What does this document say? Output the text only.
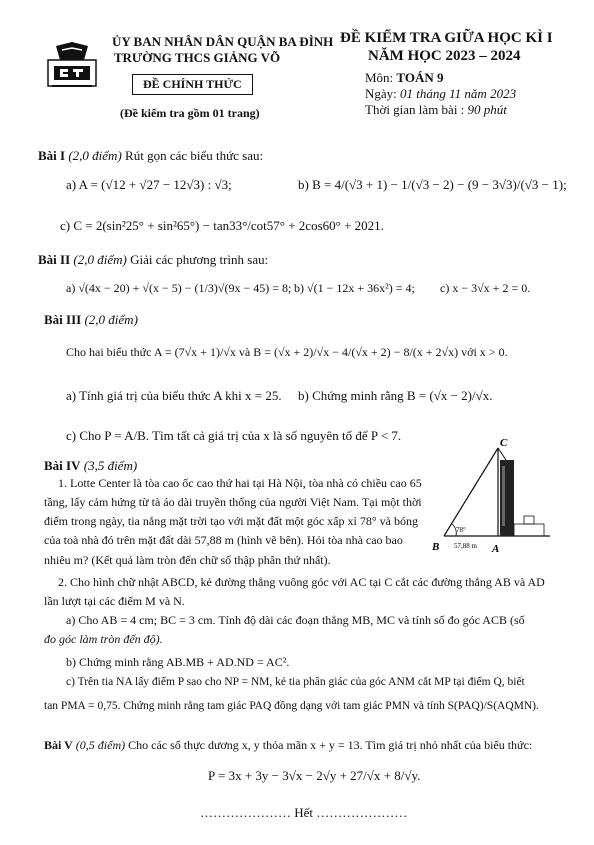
ỦY BAN NHÂN DÂN QUẬN BA ĐÌNH
TRƯỜNG THCS GIẢNG VÕ
ĐỀ CHÍNH THỨC
(Đề kiểm tra gồm 01 trang)
ĐỀ KIỂM TRA GIỮA HỌC KÌ I
NĂM HỌC 2023 – 2024
Môn: TOÁN 9
Ngày: 01 tháng 11 năm 2023
Thời gian làm bài : 90 phút
Bài I (2,0 điểm) Rút gọn các biểu thức sau:
a) A = (√12 + √27 − 12√3) : √3;	b) B = 4/(√3 + 1) − 1/(√3 − 2) − (9 − 3√3)/(√3 − 1);
c) C = 2(sin²25° + sin²65°) − tan33°/cot57° + 2cos60° + 2021.
Bài II (2,0 điểm) Giải các phương trình sau:
a) √(4x − 20) + √(x − 5) − (1/3)√(9x − 45) = 8; b) √(1 − 12x + 36x²) = 4; c) x − 3√x + 2 = 0.
Bài III (2,0 điểm)
Cho hai biểu thức A = (7√x + 1)/√x và B = (√x + 2)/√x − 4/(√x + 2) − 8/(x + 2√x) với x > 0.
a) Tính giá trị của biểu thức A khi x = 25. b) Chứng minh rằng B = (√x − 2)/√x.
c) Cho P = A/B. Tìm tất cả giá trị của x là số nguyên tố để P < 7.
Bài IV (3,5 điểm)
1. Lotte Center là tòa cao ốc cao thứ hai tại Hà Nội, tòa nhà có chiều cao 65
tầng, lấy cảm hứng từ tà áo dài truyền thống của người Việt Nam. Tại một thời
điểm trong ngày, tia nắng mặt trời tạo với mặt đất một góc xấp xỉ 78° và bóng
của toà nhà đó trên mặt đất dài 57,88 m (hình vẽ bên). Hỏi tòa nhà cao bao
nhiêu m? (Kết quả làm tròn đến chữ số thập phân thứ nhất).
C
B	A
78°
57,88 m
2. Cho hình chữ nhật ABCD, kẻ đường thẳng vuông góc với AC tại C cắt các đường thẳng AB và AD
lần lượt tại các điểm M và N.
a) Cho AB = 4 cm; BC = 3 cm. Tính độ dài các đoạn thẳng MB, MC và tính số đo góc ACB (số
đo góc làm tròn đến độ).
b) Chứng minh rằng AB.MB + AD.ND = AC².
c) Trên tia NA lấy điểm P sao cho NP = NM, kẻ tia phân giác của góc ANM cắt MP tại điểm Q, biết
tan PMA = 0,75. Chứng minh rằng tam giác PAQ đồng dạng với tam giác PMN và tính S(PAQ)/S(AQMN).
Bài V (0,5 điểm) Cho các số thực dương x, y thỏa mãn x + y = 13. Tìm giá trị nhỏ nhất của biểu thức:
P = 3x + 3y − 3√x − 2√y + 27/√x + 8/√y.
………………… Hết …………………
